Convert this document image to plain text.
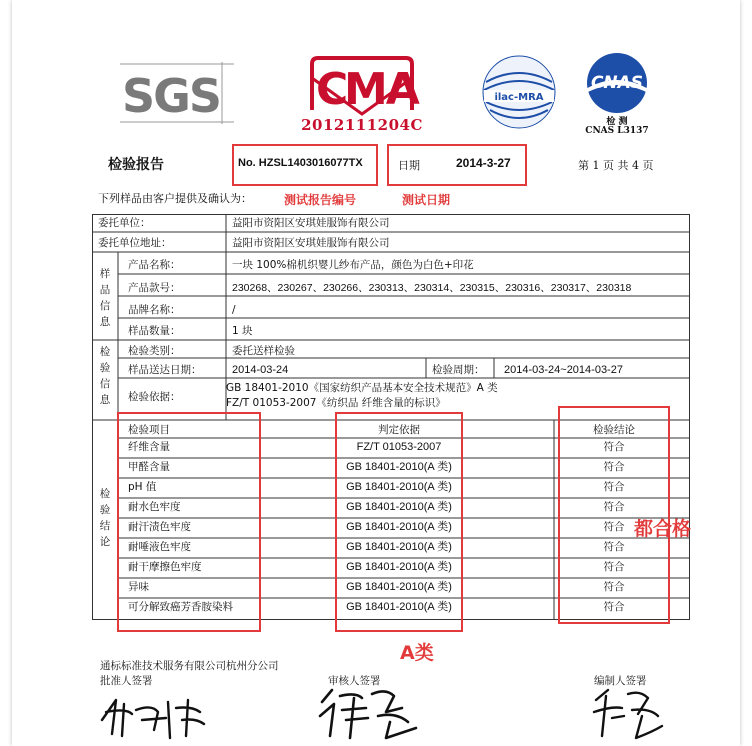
SGS C
MA
2012111204C
ilac-MRA
CNAS
检 测
CNAS L3137
检验报告	No. HZSL1403016077TX	日期	2014-3-27	第 1 页 共 4 页
下列样品由客户提供及确认为：	测试报告编号	测试日期
委托单位：	益阳市资阳区安琪娃服饰有限公司
委托单位地址：	益阳市资阳区安琪娃服饰有限公司
样
品
信
息
产品名称：	一块 100%棉机织婴儿纱布产品，颜色为白色+印花
产品款号：	230268、230267、230266、230313、230314、230315、230316、230317、230318
品牌名称：	/
样品数量：	1 块
检
验
信
息
检验类别：	委托送样检验
样品送达日期：	2014-03-24	检验周期： 2014-03-24~2014-03-27
检验依据：
GB 18401-2010《国家纺织产品基本安全技术规范》A 类
FZ/T 01053-2007《纺织品 纤维含量的标识》
检
验
结
论
检验项目	判定依据	检验结论
纤维含量	FZ/T 01053-2007	符合
甲醛含量	GB 18401-2010(A 类)	符合
pH 值	GB 18401-2010(A 类)	符合
耐水色牢度	GB 18401-2010(A 类)	符合
耐汗渍色牢度	GB 18401-2010(A 类)	符合
耐唾液色牢度	GB 18401-2010(A 类)	符合
耐干摩擦色牢度	GB 18401-2010(A 类)	符合
异味	GB 18401-2010(A 类)	符合
可分解致癌芳香胺染料	GB 18401-2010(A 类)	符合
都合格
A类
通标标准技术服务有限公司杭州分公司
批准人签署	审核人签署	编制人签署
